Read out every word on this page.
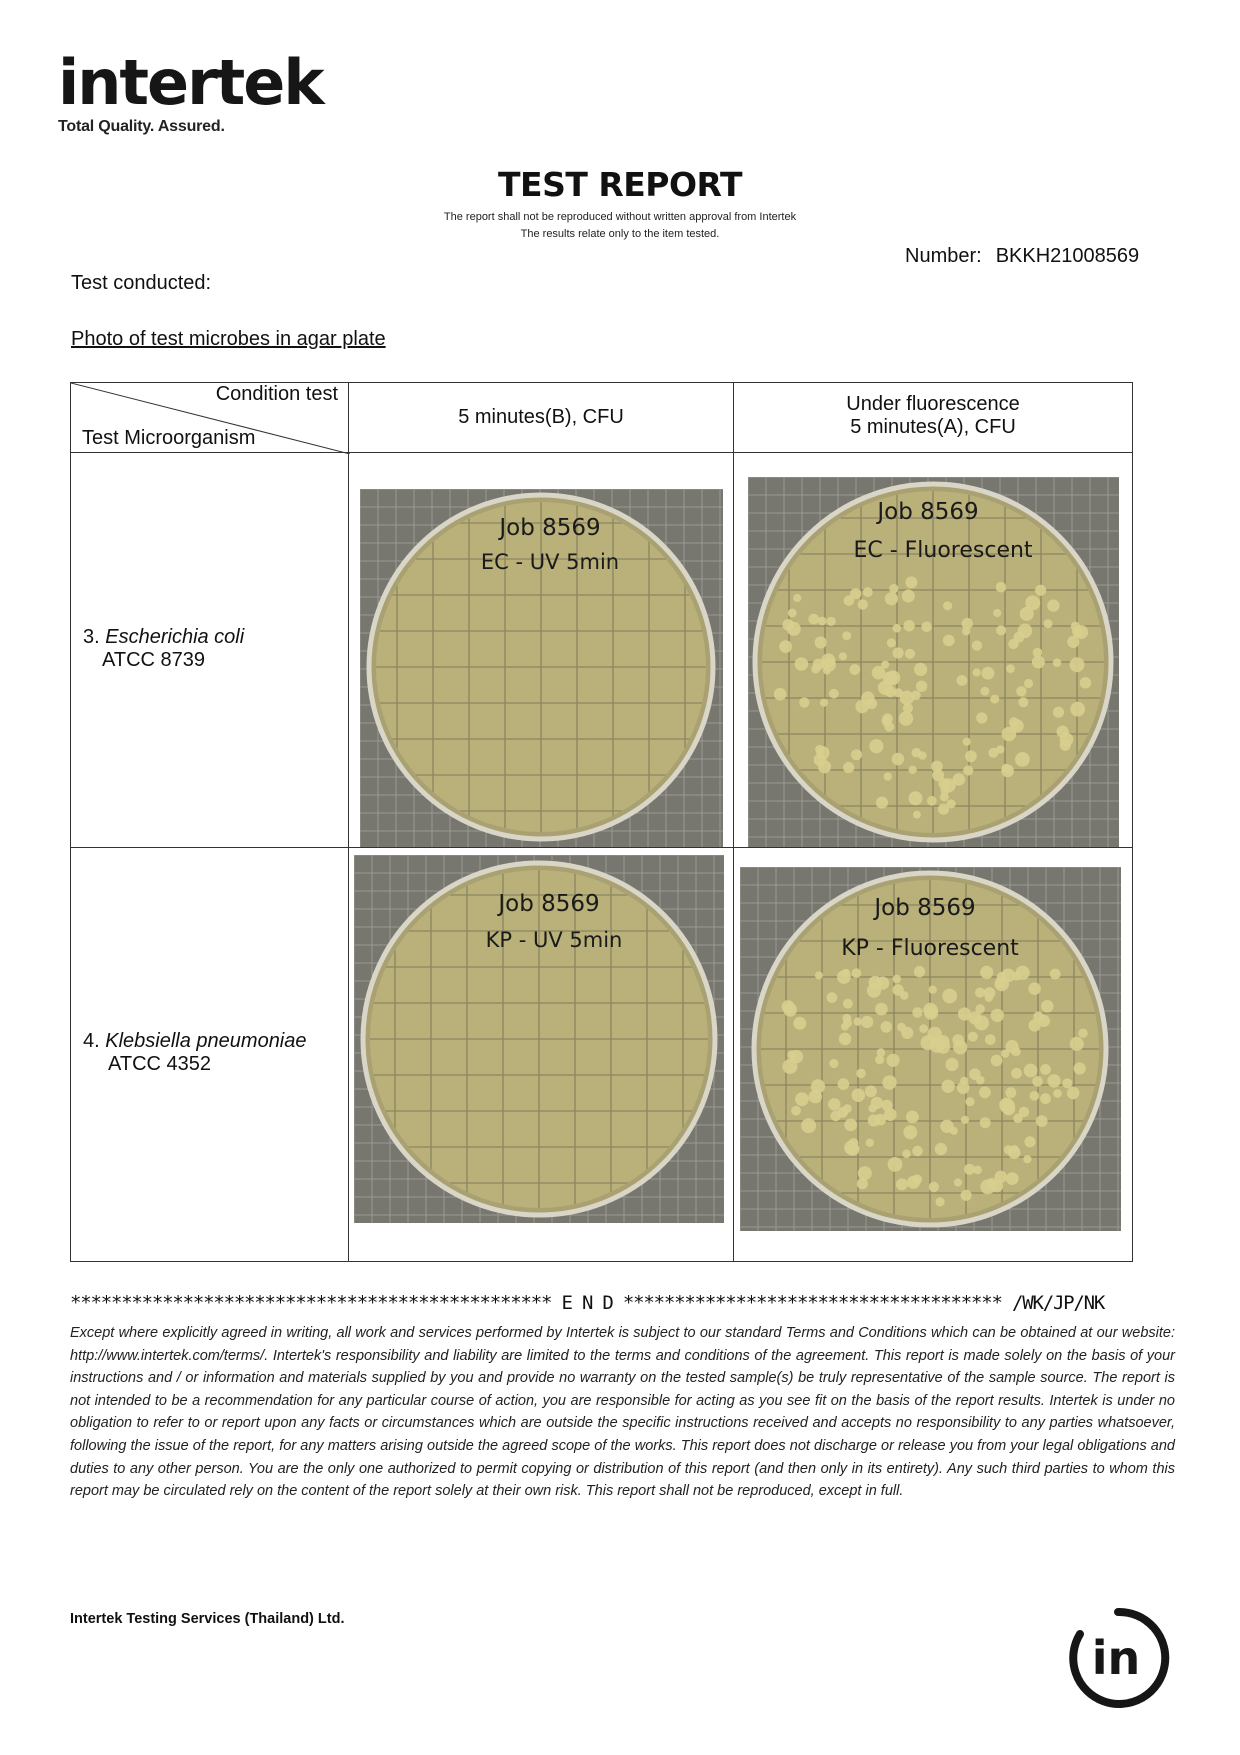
intertek
Total Quality. Assured.
TEST REPORT
The report shall not be reproduced without written approval from Intertek
The results relate only to the item tested.
Number: BKKH21008569
Test conducted:
Photo of test microbes in agar plate
Condition test
Test Microorganism
5 minutes(B), CFU
Under fluorescence
5 minutes(A), CFU
3. Escherichia coli
ATCC 8739
Job 8569
EC - UV 5min
Job 8569
EC - Fluorescent
4. Klebsiella pneumoniae
ATCC 4352
Job 8569
KP - UV 5min
Job 8569
KP - Fluorescent
*********************************************** E N D ************************************* /WK/JP/NK
Except where explicitly agreed in writing, all work and services performed by Intertek is subject to our standard Terms and Conditions which can be obtained at our website: http://www.intertek.com/terms/. Intertek's responsibility and liability are limited to the terms and conditions of the agreement. This report is made solely on the basis of your instructions and / or information and materials supplied by you and provide no warranty on the tested sample(s) be truly representative of the sample source. The report is not intended to be a recommendation for any particular course of action, you are responsible for acting as you see fit on the basis of the report results. Intertek is under no obligation to refer to or report upon any facts or circumstances which are outside the specific instructions received and accepts no responsibility to any parties whatsoever, following the issue of the report, for any matters arising outside the agreed scope of the works. This report does not discharge or release you from your legal obligations and duties to any other person. You are the only one authorized to permit copying or distribution of this report (and then only in its entirety). Any such third parties to whom this report may be circulated rely on the content of the report solely at their own risk. This report shall not be reproduced, except in full.
Intertek Testing Services (Thailand) Ltd.
in
